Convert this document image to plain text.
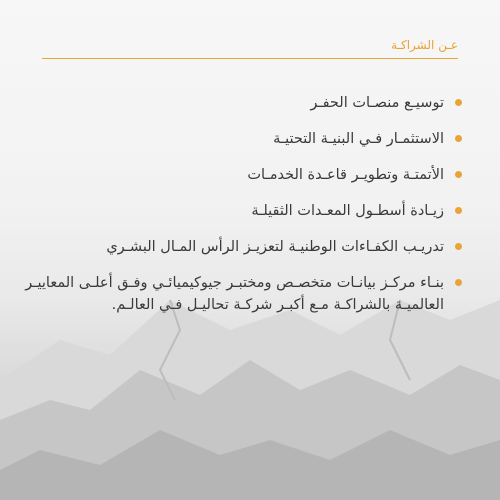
عـن الشراكـة
توسيـع منصـات الحفـر
الاستثمـار فـي البنيـة التحتيـة
الأتمتـة وتطويـر قاعـدة الخدمـات
زيـادة أسطـول المعـدات الثقيلـة
تدريـب الكفـاءات الوطنيـة لتعزيـز الرأس المـال البشـري
بنـاء مركـز بيانـات متخصـص ومختبـر جيوكيميائـي وفـق أعلـى المعاييـر العالميـة بالشراكـة مـع أكبـر شركـة تحاليـل فـي العالـم.
